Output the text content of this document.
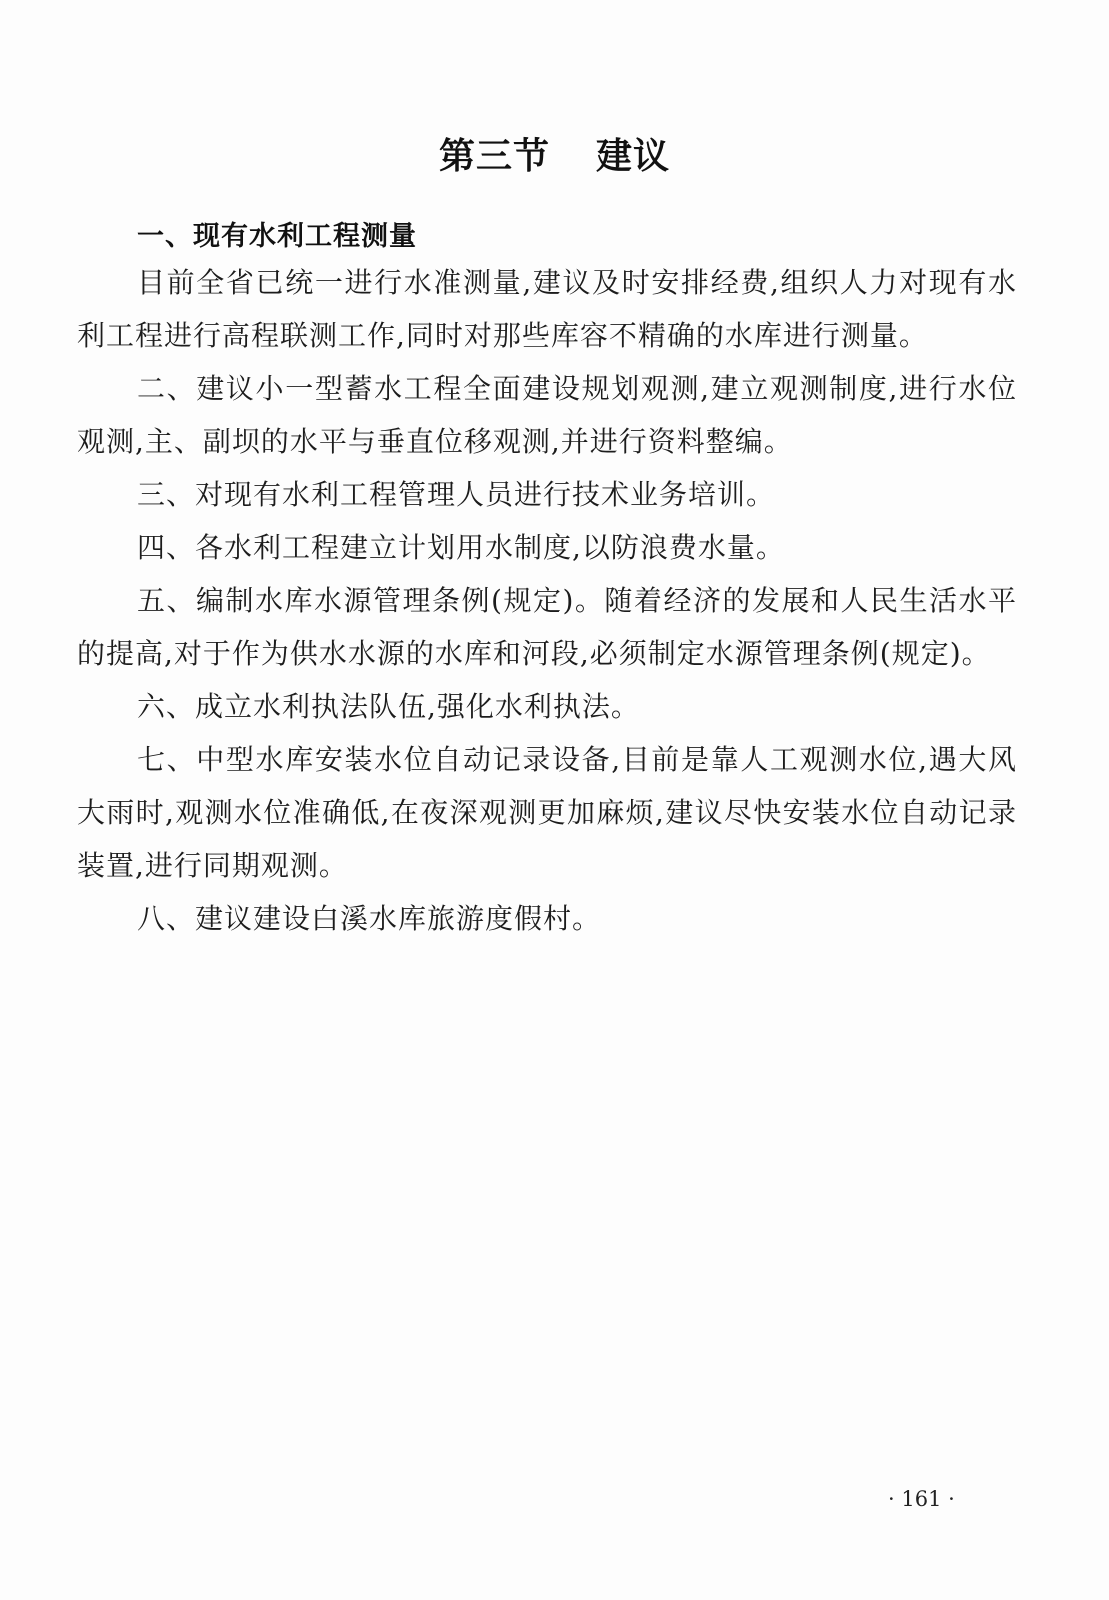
第三节 建议
一、现有水利工程测量

目前全省已统一进行水准测量,建议及时安排经费,组织人力对现有水利工程进行高程联测工作,同时对那些库容不精确的水库进行测量。

二、建议小一型蓄水工程全面建设规划观测,建立观测制度,进行水位观测,主、副坝的水平与垂直位移观测,并进行资料整编。

三、对现有水利工程管理人员进行技术业务培训。

四、各水利工程建立计划用水制度,以防浪费水量。

五、编制水库水源管理条例(规定)。随着经济的发展和人民生活水平的提高,对于作为供水水源的水库和河段,必须制定水源管理条例(规定)。

六、成立水利执法队伍,强化水利执法。

七、中型水库安装水位自动记录设备,目前是靠人工观测水位,遇大风大雨时,观测水位准确低,在夜深观测更加麻烦,建议尽快安装水位自动记录装置,进行同期观测。

八、建议建设白溪水库旅游度假村。

· 161 ·
